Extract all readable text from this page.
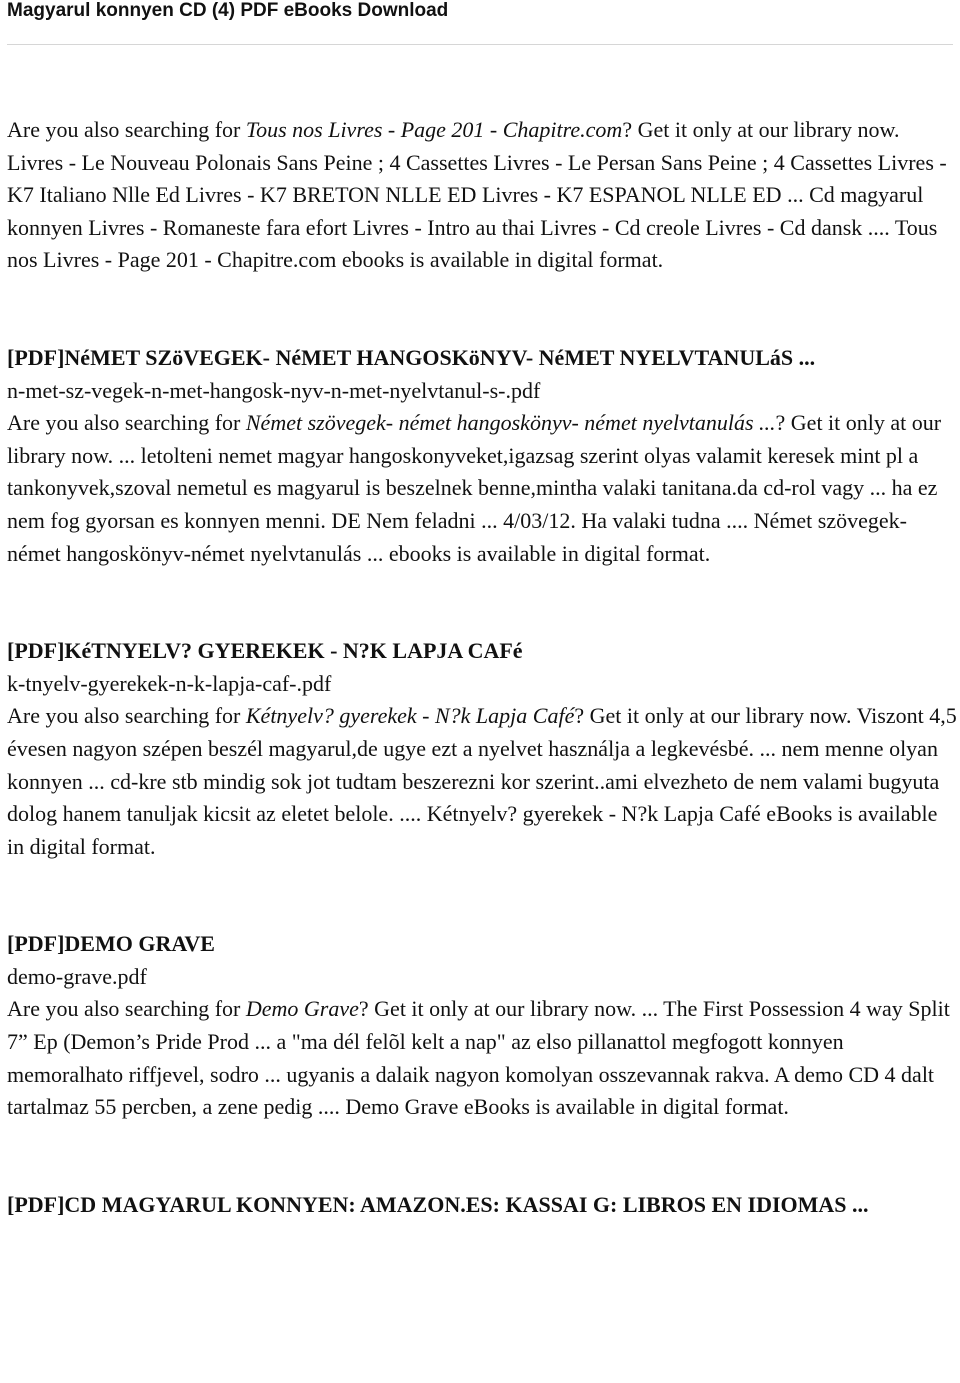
Magyarul konnyen CD (4) PDF eBooks Download

Are you also searching for Tous nos Livres - Page 201 - Chapitre.com? Get it only at our library now. Livres - Le Nouveau Polonais Sans Peine ; 4 Cassettes Livres - Le Persan Sans Peine ; 4 Cassettes Livres - K7 Italiano Nlle Ed Livres - K7 BRETON NLLE ED Livres - K7 ESPANOL NLLE ED ... Cd magyarul konnyen Livres - Romaneste fara efort Livres - Intro au thai Livres - Cd creole Livres - Cd dansk .... Tous nos Livres - Page 201 - Chapitre.com ebooks is available in digital format.

[PDF]NéMET SZöVEGEK- NéMET HANGOSKöNYV- NéMET NYELVTANULáS ...
n-met-sz-vegek-n-met-hangosk-nyv-n-met-nyelvtanul-s-.pdf
Are you also searching for Német szövegek- német hangoskönyv- német nyelvtanulás ...? Get it only at our library now. ... letolteni nemet magyar hangoskonyveket,igazsag szerint olyas valamit keresek mint pl a tankonyvek,szoval nemetul es magyarul is beszelnek benne,mintha valaki tanitana.da cd-rol vagy ... ha ez nem fog gyorsan es konnyen menni. DE Nem feladni ... 4/03/12. Ha valaki tudna .... Német szövegek- német hangoskönyv-német nyelvtanulás ... ebooks is available in digital format.
[PDF]KéTNYELV? GYEREKEK - N?K LAPJA CAFé
k-tnyelv-gyerekek-n-k-lapja-caf-.pdf
Are you also searching for Kétnyelv? gyerekek - N?k Lapja Café? Get it only at our library now. Viszont 4,5 évesen nagyon szépen beszél magyarul,de ugye ezt a nyelvet használja a legkevésbé. ... nem menne olyan konnyen ... cd-kre stb mindig sok jot tudtam beszerezni kor szerint..ami elvezheto de nem valami bugyuta dolog hanem tanuljak kicsit az eletet belole. .... Kétnyelv? gyerekek - N?k Lapja Café eBooks is available in digital format.
[PDF]DEMO GRAVE
demo-grave.pdf
Are you also searching for Demo Grave? Get it only at our library now. ... The First Possession 4 way Split 7” Ep (Demon’s Pride Prod ... a "ma dél felõl kelt a nap" az elso pillanattol megfogott konnyen memoralhato riffjevel, sodro ... ugyanis a dalaik nagyon komolyan osszevannak rakva. A demo CD 4 dalt tartalmaz 55 percben, a zene pedig .... Demo Grave eBooks is available in digital format.
[PDF]CD MAGYARUL KONNYEN: AMAZON.ES: KASSAI G: LIBROS EN IDIOMAS ...
